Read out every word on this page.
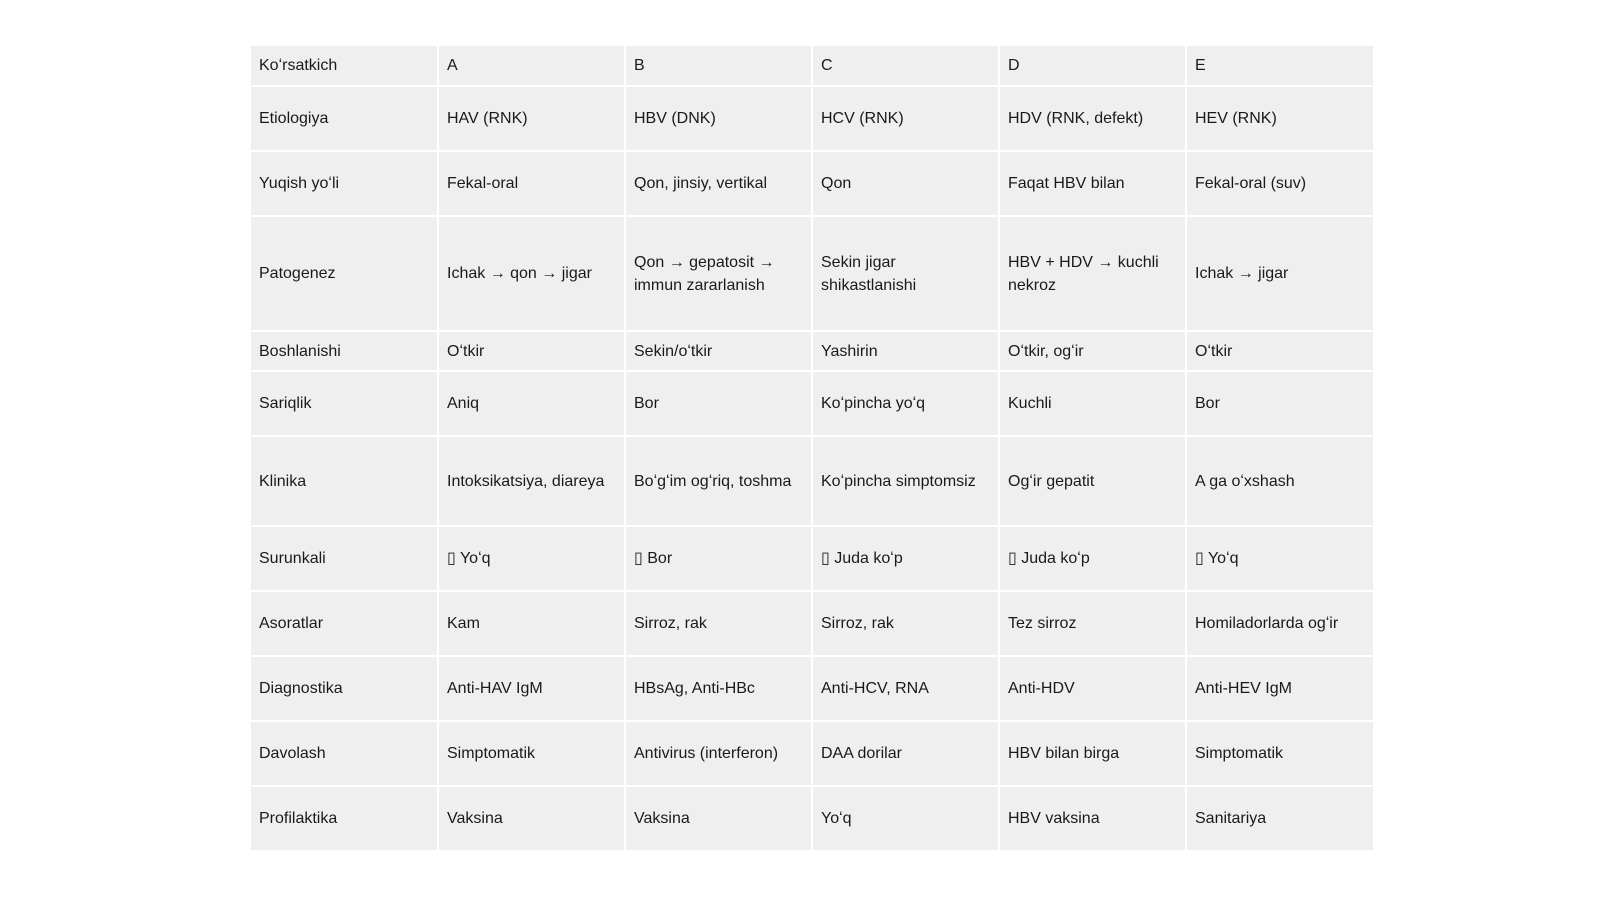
Koʻrsatkich	A	B	C	D	E
Etiologiya	HAV (RNK)	HBV (DNK)	HCV (RNK)	HDV (RNK, defekt)	HEV (RNK)
Yuqish yoʻli	Fekal-oral	Qon, jinsiy, vertikal	Qon	Faqat HBV bilan	Fekal-oral (suv)
Patogenez	Ichak → qon → jigar	Qon → gepatosit → immun zararlanish	Sekin jigar shikastlanishi	HBV + HDV → kuchli nekroz	Ichak → jigar
Boshlanishi	Oʻtkir	Sekin/oʻtkir	Yashirin	Oʻtkir, ogʻir	Oʻtkir
Sariqlik	Aniq	Bor	Koʻpincha yoʻq	Kuchli	Bor
Klinika	Intoksikatsiya, diareya	Boʻgʻim ogʻriq, toshma	Koʻpincha simptomsiz	Ogʻir gepatit	A ga oʻxshash
Surunkali	▯ Yoʻq	▯ Bor	▯ Juda koʻp	▯ Juda koʻp	▯ Yoʻq
Asoratlar	Kam	Sirroz, rak	Sirroz, rak	Tez sirroz	Homiladorlarda ogʻir
Diagnostika	Anti-HAV IgM	HBsAg, Anti-HBc	Anti-HCV, RNA	Anti-HDV	Anti-HEV IgM
Davolash	Simptomatik	Antivirus (interferon)	DAA dorilar	HBV bilan birga	Simptomatik
Profilaktika	Vaksina	Vaksina	Yoʻq	HBV vaksina	Sanitariya
